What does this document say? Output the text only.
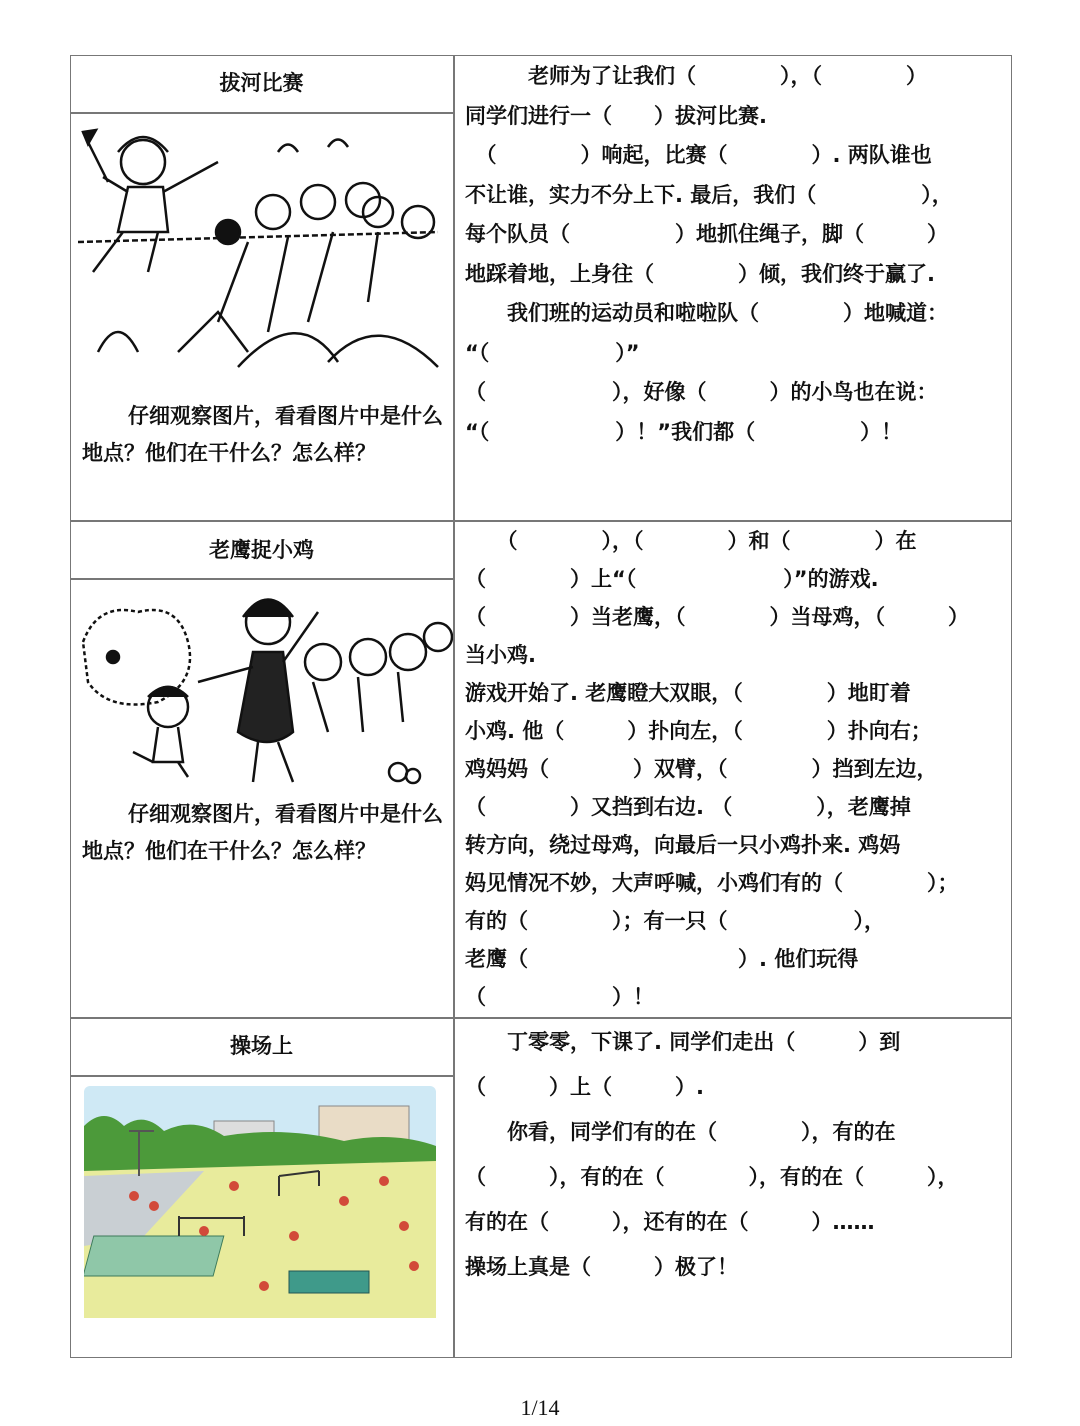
拔河比赛
仔细观察图片，看看图片中是什么地点？他们在干什么？怎么样？
　　　老师为了让我们（　　　　），（　　　　）
同学们进行一（　　）拔河比赛.
　（　　　　）响起，比赛（　　　　）. 两队谁也
不让谁，实力不分上下. 最后，我们（　　　　　），
每个队员（　　　　　）地抓住绳子，脚（　　　）
地踩着地，上身往（　　　　）倾，我们终于赢了.
　　我们班的运动员和啦啦队（　　　　）地喊道：
“（　　　　　　）”
（　　　　　　），好像（　　　）的小鸟也在说：
“（　　　　　　）！”我们都（　　　　　）！
老鹰捉小鸡
仔细观察图片，看看图片中是什么地点？他们在干什么？怎么样？
　　（　　　　），（　　　　）和（　　　　）在
（　　　　）上“（　　　　　　　）”的游戏.
（　　　　）当老鹰，（　　　　）当母鸡，（　　　）
当小鸡.
游戏开始了. 老鹰瞪大双眼，（　　　　）地盯着
小鸡. 他（　　　）扑向左，（　　　　）扑向右；
鸡妈妈（　　　　）双臂，（　　　　）挡到左边，
（　　　　）又挡到右边. （　　　　），老鹰掉
转方向，绕过母鸡，向最后一只小鸡扑来. 鸡妈
妈见情况不妙，大声呼喊，小鸡们有的（　　　　）；
有的（　　　　）；有一只（　　　　　　），
老鹰（　　　　　　　　　　）. 他们玩得
（　　　　　　）！
操场上	　　丁零零，下课了. 同学们走出（　　　）到
（　　　）上（　　　）.
　　你看，同学们有的在（　　　　），有的在
（　　　），有的在（　　　　），有的在（　　　），
有的在（　　　），还有的在（　　　）……
操场上真是（　　　）极了！
1/14
